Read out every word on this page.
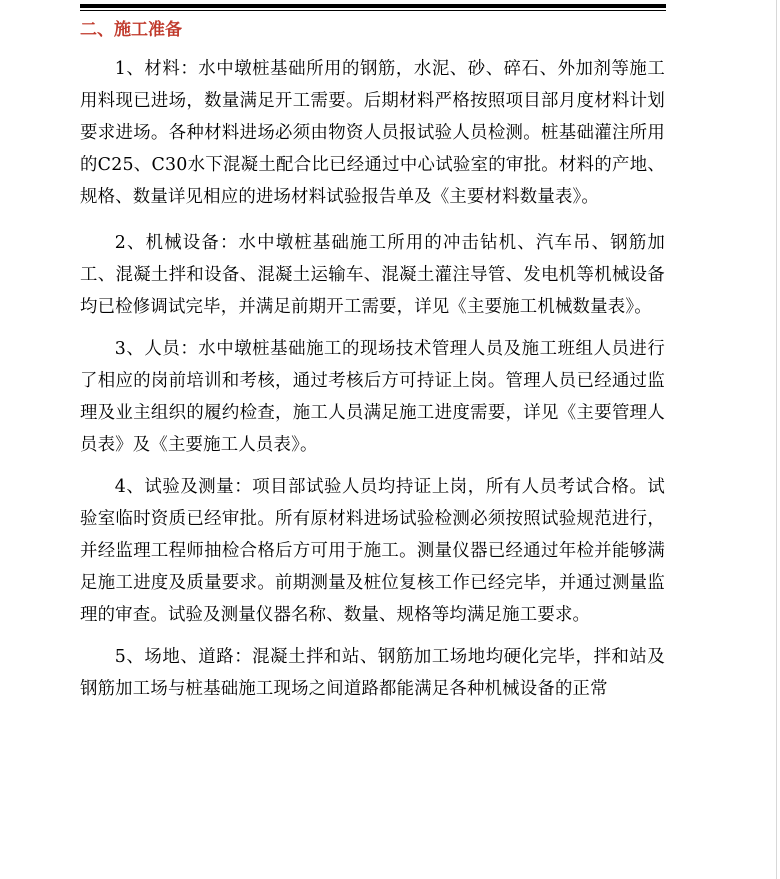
二、施工准备

1、材料：水中墩桩基础所用的钢筋，水泥、砂、碎石、外加剂等施工用料现已进场，数量满足开工需要。后期材料严格按照项目部月度材料计划要求进场。各种材料进场必须由物资人员报试验人员检测。桩基础灌注所用的C25、C30水下混凝土配合比已经通过中心试验室的审批。材料的产地、规格、数量详见相应的进场材料试验报告单及《主要材料数量表》。

2、机械设备：水中墩桩基础施工所用的冲击钻机、汽车吊、钢筋加工、混凝土拌和设备、混凝土运输车、混凝土灌注导管、发电机等机械设备均已检修调试完毕，并满足前期开工需要，详见《主要施工机械数量表》。

3、人员：水中墩桩基础施工的现场技术管理人员及施工班组人员进行了相应的岗前培训和考核，通过考核后方可持证上岗。管理人员已经通过监理及业主组织的履约检查，施工人员满足施工进度需要，详见《主要管理人员表》及《主要施工人员表》。

4、试验及测量：项目部试验人员均持证上岗，所有人员考试合格。试验室临时资质已经审批。所有原材料进场试验检测必须按照试验规范进行，并经监理工程师抽检合格后方可用于施工。测量仪器已经通过年检并能够满足施工进度及质量要求。前期测量及桩位复核工作已经完毕，并通过测量监理的审查。试验及测量仪器名称、数量、规格等均满足施工要求。

5、场地、道路：混凝土拌和站、钢筋加工场地均硬化完毕，拌和站及钢筋加工场与桩基础施工现场之间道路都能满足各种机械设备的正常
